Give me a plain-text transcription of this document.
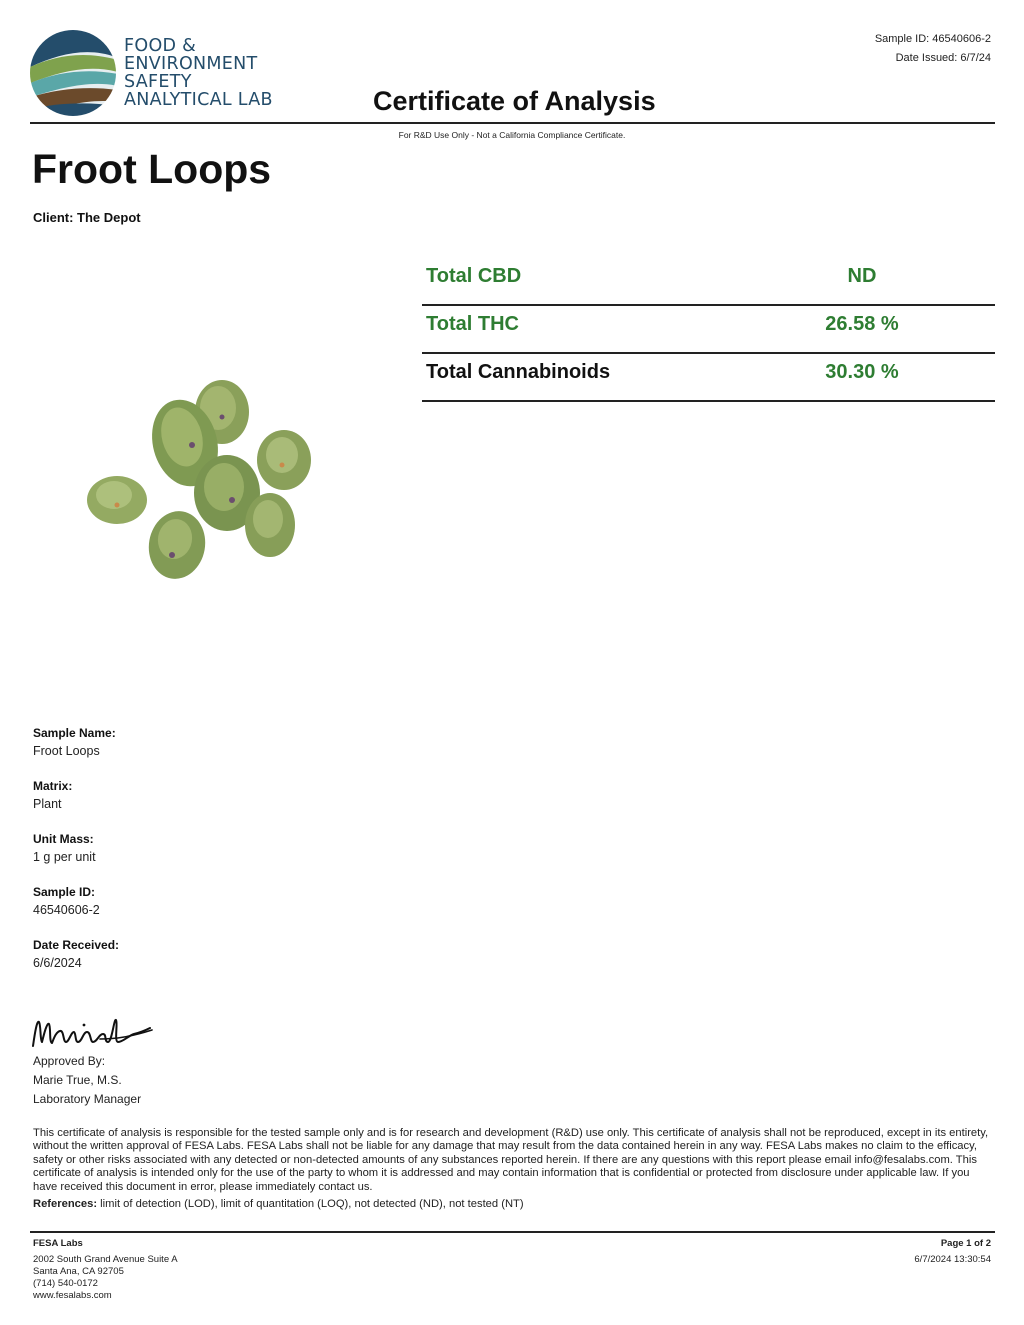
FOOD &
ENVIRONMENT
SAFETY
ANALYTICAL LAB
Sample ID: 46540606-2
Date Issued: 6/7/24
Certificate of Analysis
For R&D Use Only - Not a California Compliance Certificate.
Froot Loops
Client: The Depot
Total CBD	ND
Total THC	26.58 %
Total Cannabinoids	30.30 %
Sample Name:
Froot Loops
Matrix:
Plant
Unit Mass:
1 g per unit
Sample ID:
46540606-2
Date Received:
6/6/2024
Approved By:
Marie True, M.S.
Laboratory Manager
This certificate of analysis is responsible for the tested sample only and is for research and development (R&D) use only. This certificate of analysis shall not be reproduced, except in its entirety, without the written approval of FESA Labs. FESA Labs shall not be liable for any damage that may result from the data contained herein in any way. FESA Labs makes no claim to the efficacy, safety or other risks associated with any detected or non-detected amounts of any substances reported herein. If there are any questions with this report please email info@fesalabs.com. This certificate of analysis is intended only for the use of the party to whom it is addressed and may contain information that is confidential or protected from disclosure under applicable law. If you have received this document in error, please immediately contact us.
References: limit of detection (LOD), limit of quantitation (LOQ), not detected (ND), not tested (NT)
FESA Labs
2002 South Grand Avenue Suite A
Santa Ana, CA 92705
(714) 540-0172
www.fesalabs.com
Page 1 of 2
6/7/2024 13:30:54
